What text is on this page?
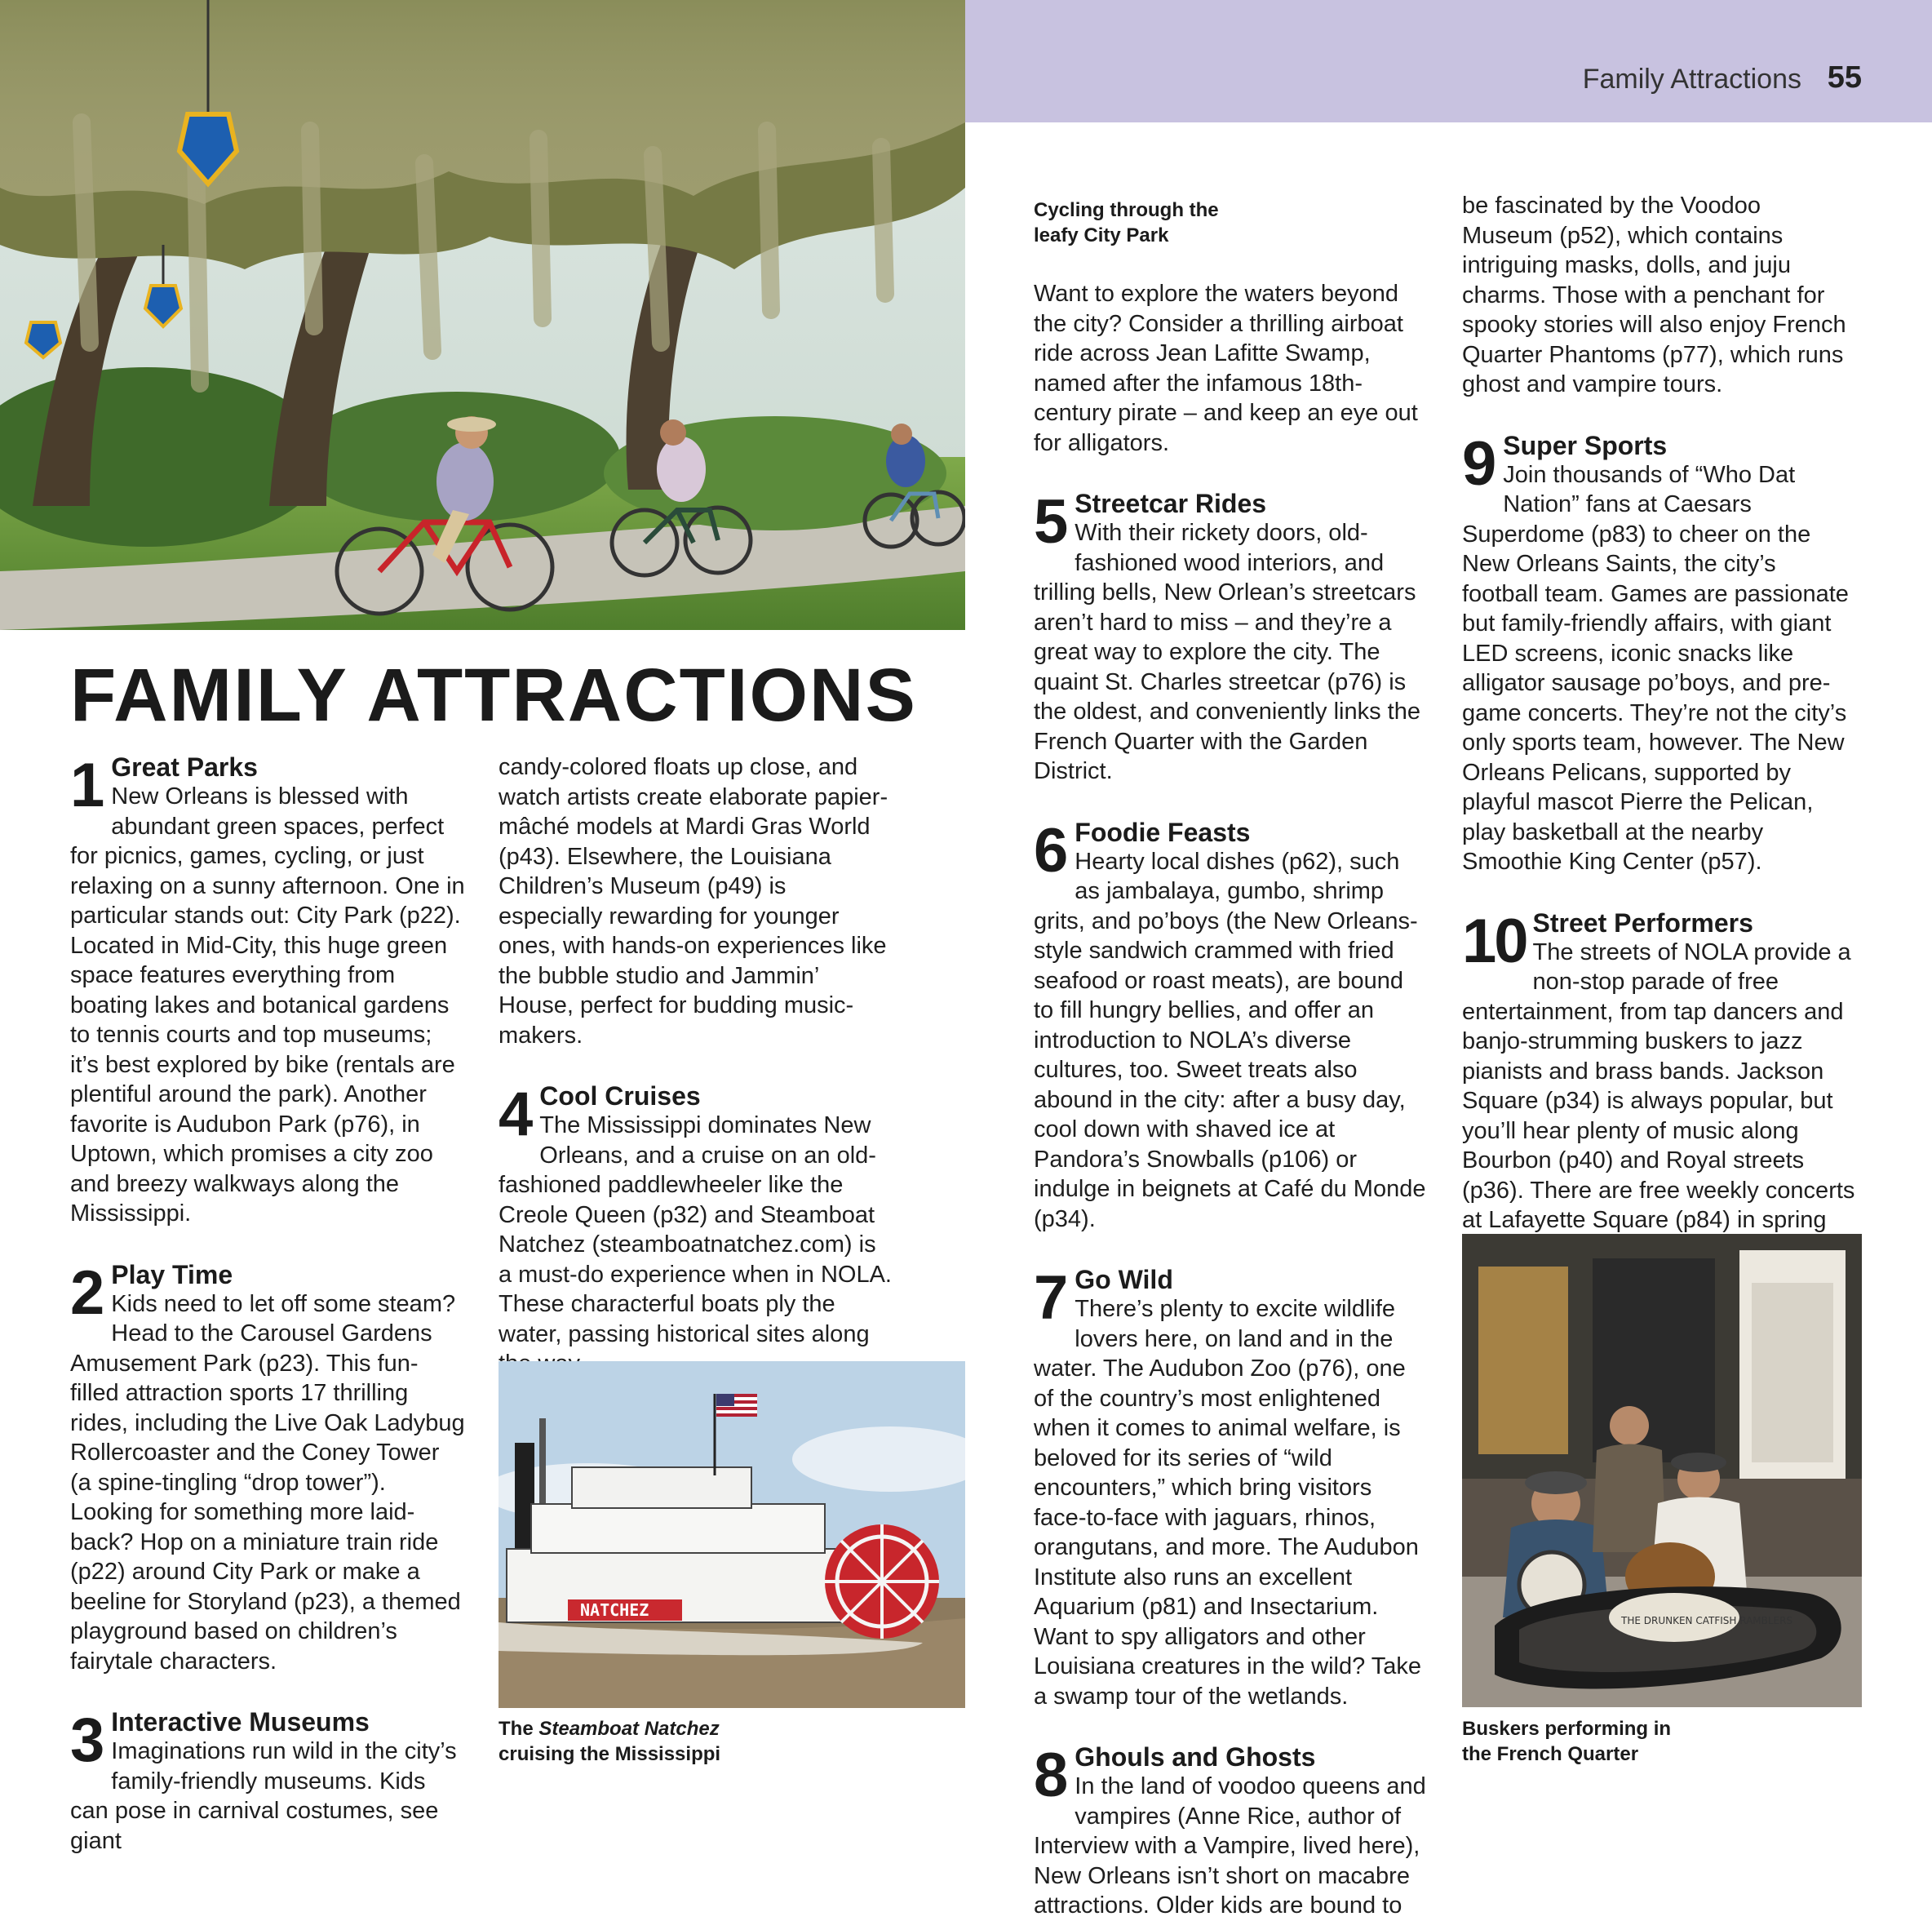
Family Attractions 55
FAMILY ATTRACTIONS
1 Great Parks
New Orleans is blessed with abundant green spaces, perfect for picnics, games, cycling, or just relaxing on a sunny afternoon. One in particular stands out: City Park (p22). Located in Mid-City, this huge green space features everything from boating lakes and botanical gardens to tennis courts and top museums; it’s best explored by bike (rentals are plentiful around the park). Another favorite is Audubon Park (p76), in Uptown, which promises a city zoo and breezy walkways along the Mississippi.
2 Play Time
Kids need to let off some steam? Head to the Carousel Gardens Amusement Park (p23). This fun-filled attraction sports 17 thrilling rides, including the Live Oak Ladybug Rollercoaster and the Coney Tower (a spine-tingling “drop tower”). Looking for something more laid-back? Hop on a miniature train ride (p22) around City Park or make a beeline for Storyland (p23), a themed playground based on children’s fairytale characters.
3 Interactive Museums
Imaginations run wild in the city’s family-friendly museums. Kids can pose in carnival costumes, see giant
candy-colored floats up close, and watch artists create elaborate papier-mâché models at Mardi Gras World (p43). Elsewhere, the Louisiana Children’s Museum (p49) is especially rewarding for younger ones, with hands-on experiences like the bubble studio and Jammin’ House, perfect for budding music-makers.
4 Cool Cruises
The Mississippi dominates New Orleans, and a cruise on an old-fashioned paddlewheeler like the Creole Queen (p32) and Steamboat Natchez (steamboatnatchez.com) is a must-do experience when in NOLA. These characterful boats ply the water, passing historical sites along
NATCHEZ
The Steamboat Natchez
cruising the Mississippi
Cycling through the
leafy City Park
Want to explore the waters beyond the city? Consider a thrilling airboat ride across Jean Lafitte Swamp, named after the infamous 18th-century pirate – and keep an eye out for alligators.
5 Streetcar Rides
With their rickety doors, old-fashioned wood interiors, and trilling bells, New Orlean’s streetcars aren’t hard to miss – and they’re a great way to explore the city. The quaint St. Charles streetcar (p76) is the oldest, and conveniently links the French Quarter with the Garden District.
6 Foodie Feasts
Hearty local dishes (p62), such as jambalaya, gumbo, shrimp grits, and po’boys (the New Orleans-style sandwich crammed with fried seafood or roast meats), are bound to fill hungry bellies, and offer an introduction to NOLA’s diverse cultures, too. Sweet treats also abound in the city: after a busy day, cool down with shaved ice at Pandora’s Snowballs (p106) or indulge in beignets at Café du Monde (p34).
7 Go Wild
There’s plenty to excite wildlife lovers here, on land and in the water. The Audubon Zoo (p76), one of the country’s most enlightened when it comes to animal welfare, is beloved for its series of “wild encounters,” which bring visitors face-to-face with jaguars, rhinos, orangutans, and more. The Audubon Institute also runs an excellent Aquarium (p81) and Insectarium. Want to spy alligators and other Louisiana creatures in the wild? Take a swamp tour of the wetlands.
8 Ghouls and Ghosts
In the land of voodoo queens and vampires (Anne Rice, author of Interview with a Vampire, lived here), New Orleans isn’t short on macabre attractions. Older kids are bound to
be fascinated by the Voodoo Museum (p52), which contains intriguing masks, dolls, and juju charms. Those with a penchant for spooky stories will also enjoy French Quarter Phantoms (p77), which runs ghost and vampire tours.
9 Super Sports
Join thousands of “Who Dat Nation” fans at Caesars Superdome (p83) to cheer on the New Orleans Saints, the city’s football team. Games are passionate but family-friendly affairs, with giant LED screens, iconic snacks like alligator sausage po’boys, and pre-game concerts. They’re not the city’s only sports team, however. The New Orleans Pelicans, supported by playful mascot Pierre the Pelican, play basketball at the nearby Smoothie King Center (p57).
10 Street Performers
The streets of NOLA provide a non-stop parade of free entertainment, from tap dancers and banjo-strumming buskers to jazz pianists and brass bands. Jackson Square (p34) is always popular, but you’ll hear plenty of music along Bourbon (p40) and Royal streets (p36). There are free weekly concerts at Lafayette Square (p84) in spring
THE DRUNKEN CATFISH RAMBLERS
Buskers performing in
the French Quarter
